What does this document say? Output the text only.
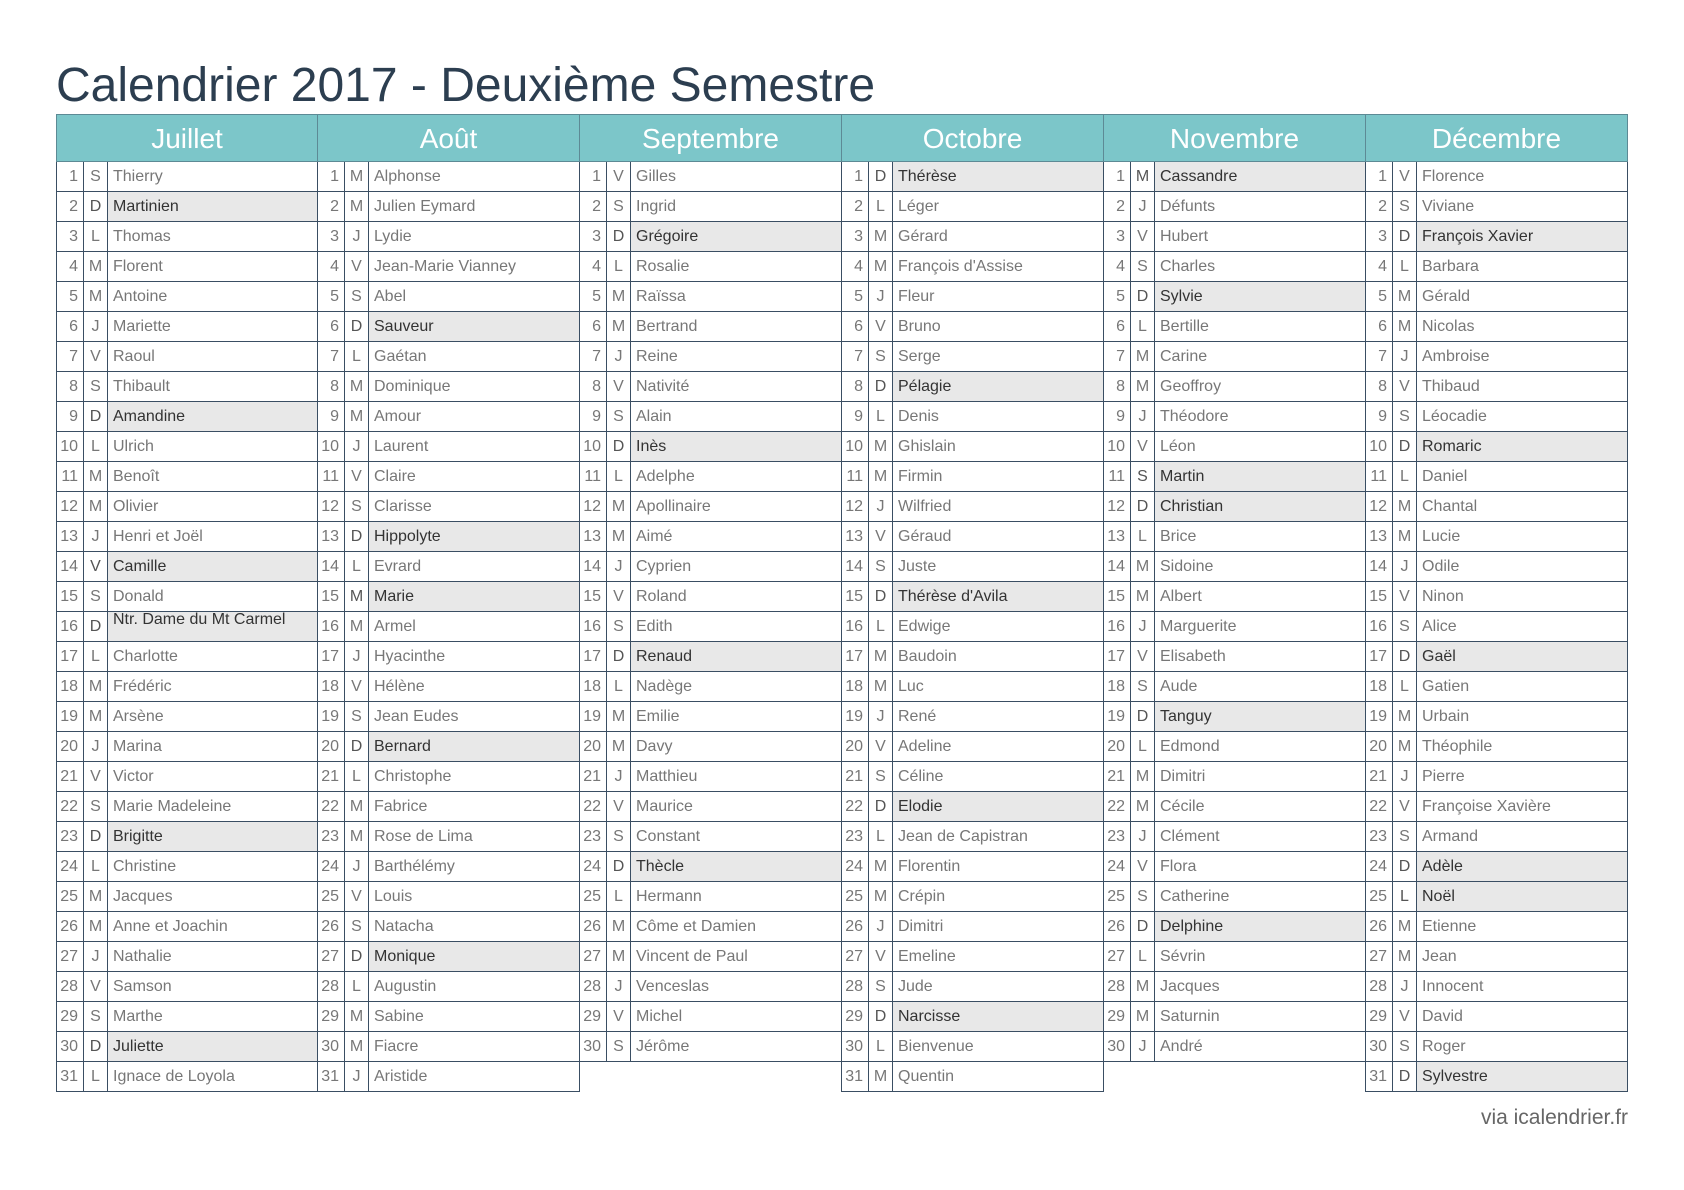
Calendrier 2017 - Deuxième Semestre
Juillet
1 S Thierry
2 D Martinien
3 L Thomas
4 M Florent
5 M Antoine
6 J Mariette
7 V Raoul
8 S Thibault
9 D Amandine
10 L Ulrich
11 M Benoît
12 M Olivier
13 J Henri et Joël
14 V Camille
15 S Donald
16 D Ntr. Dame du Mt Carmel
17 L Charlotte
18 M Frédéric
19 M Arsène
20 J Marina
21 V Victor
22 S Marie Madeleine
23 D Brigitte
24 L Christine
25 M Jacques
26 M Anne et Joachin
27 J Nathalie
28 V Samson
29 S Marthe
30 D Juliette
31 L Ignace de Loyola
Août
1 M Alphonse
2 M Julien Eymard
3 J Lydie
4 V Jean-Marie Vianney
5 S Abel
6 D Sauveur
7 L Gaétan
8 M Dominique
9 M Amour
10 J Laurent
11 V Claire
12 S Clarisse
13 D Hippolyte
14 L Evrard
15 M Marie
16 M Armel
17 J Hyacinthe
18 V Hélène
19 S Jean Eudes
20 D Bernard
21 L Christophe
22 M Fabrice
23 M Rose de Lima
24 J Barthélémy
25 V Louis
26 S Natacha
27 D Monique
28 L Augustin
29 M Sabine
30 M Fiacre
31 J Aristide
Septembre
1 V Gilles
2 S Ingrid
3 D Grégoire
4 L Rosalie
5 M Raïssa
6 M Bertrand
7 J Reine
8 V Nativité
9 S Alain
10 D Inès
11 L Adelphe
12 M Apollinaire
13 M Aimé
14 J Cyprien
15 V Roland
16 S Edith
17 D Renaud
18 L Nadège
19 M Emilie
20 M Davy
21 J Matthieu
22 V Maurice
23 S Constant
24 D Thècle
25 L Hermann
26 M Côme et Damien
27 M Vincent de Paul
28 J Venceslas
29 V Michel
30 S Jérôme
Octobre
1 D Thérèse
2 L Léger
3 M Gérard
4 M François d'Assise
5 J Fleur
6 V Bruno
7 S Serge
8 D Pélagie
9 L Denis
10 M Ghislain
11 M Firmin
12 J Wilfried
13 V Géraud
14 S Juste
15 D Thérèse d'Avila
16 L Edwige
17 M Baudoin
18 M Luc
19 J René
20 V Adeline
21 S Céline
22 D Elodie
23 L Jean de Capistran
24 M Florentin
25 M Crépin
26 J Dimitri
27 V Emeline
28 S Jude
29 D Narcisse
30 L Bienvenue
31 M Quentin
Novembre
1 M Cassandre
2 J Défunts
3 V Hubert
4 S Charles
5 D Sylvie
6 L Bertille
7 M Carine
8 M Geoffroy
9 J Théodore
10 V Léon
11 S Martin
12 D Christian
13 L Brice
14 M Sidoine
15 M Albert
16 J Marguerite
17 V Elisabeth
18 S Aude
19 D Tanguy
20 L Edmond
21 M Dimitri
22 M Cécile
23 J Clément
24 V Flora
25 S Catherine
26 D Delphine
27 L Sévrin
28 M Jacques
29 M Saturnin
30 J André
Décembre
1 V Florence
2 S Viviane
3 D François Xavier
4 L Barbara
5 M Gérald
6 M Nicolas
7 J Ambroise
8 V Thibaud
9 S Léocadie
10 D Romaric
11 L Daniel
12 M Chantal
13 M Lucie
14 J Odile
15 V Ninon
16 S Alice
17 D Gaël
18 L Gatien
19 M Urbain
20 M Théophile
21 J Pierre
22 V Françoise Xavière
23 S Armand
24 D Adèle
25 L Noël
26 M Etienne
27 M Jean
28 J Innocent
29 V David
30 S Roger
31 D Sylvestre
via icalendrier.fr
